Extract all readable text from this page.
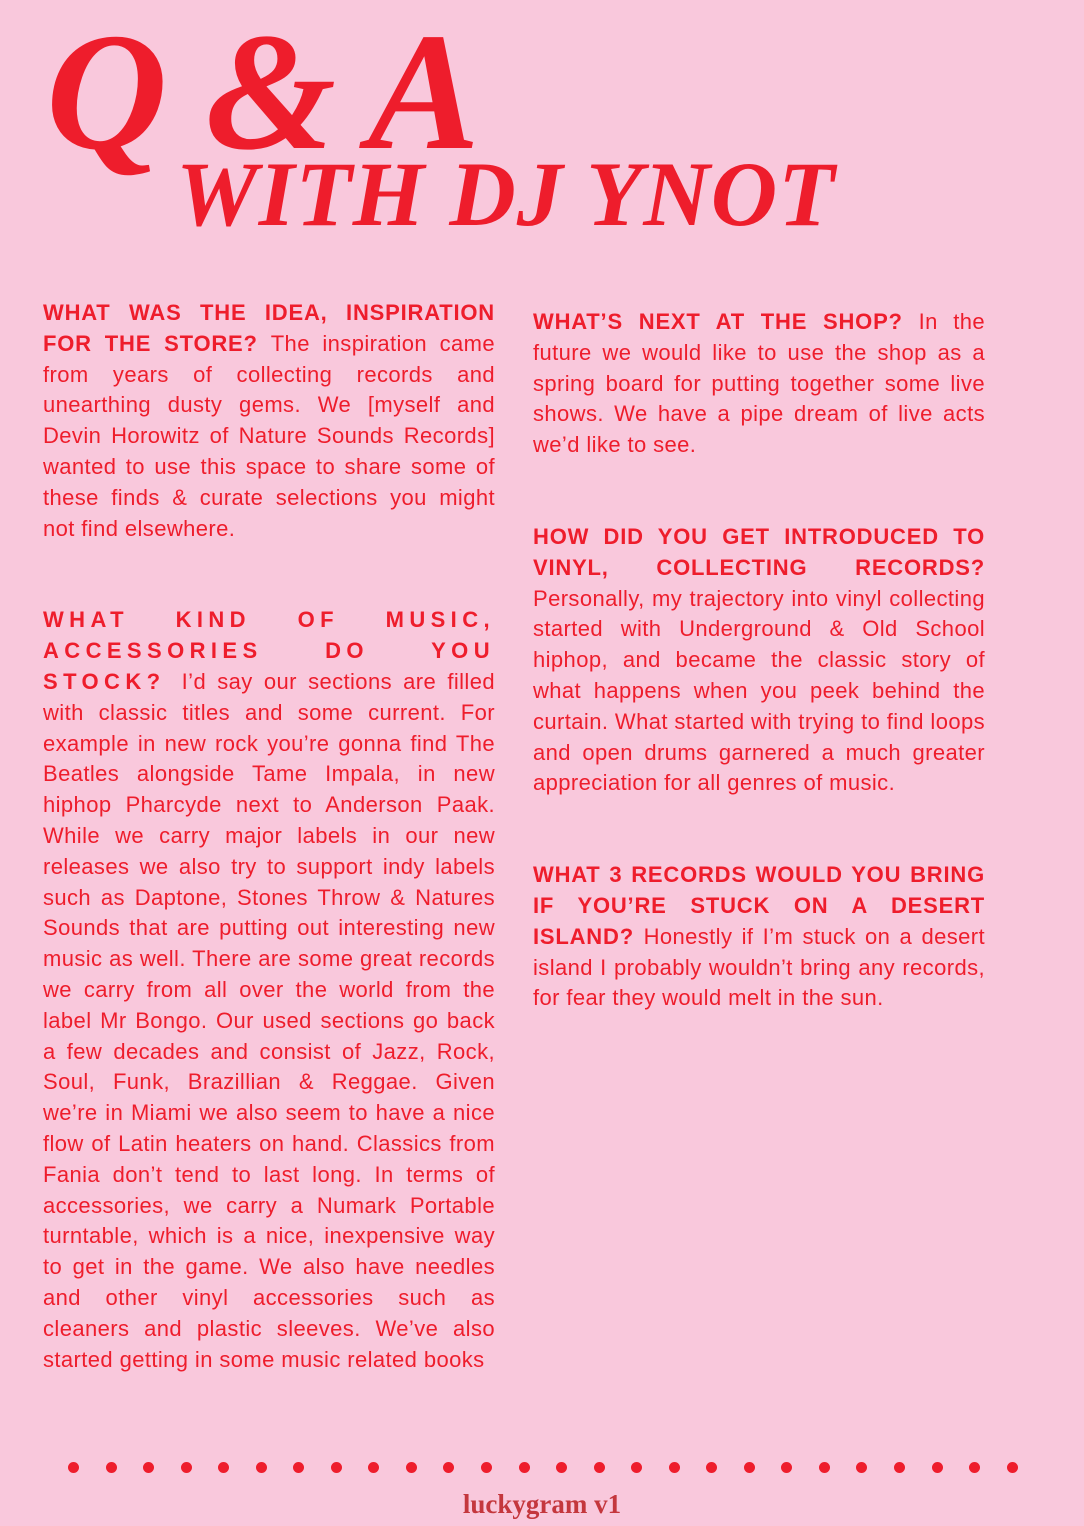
Q & A
WITH DJ YNOT

WHAT WAS THE IDEA, INSPIRATION FOR THE STORE? The inspiration came from years of collecting records and unearthing dusty gems. We [myself and Devin Horowitz of Nature Sounds Records] wanted to use this space to share some of these finds & curate selections you might not find elsewhere.

WHAT KIND OF MUSIC, ACCESSORIES DO YOU STOCK? I’d say our sections are filled with classic titles and some current. For example in new rock you’re gonna find The Beatles alongside Tame Impala, in new hiphop Pharcyde next to Anderson Paak. While we carry major labels in our new releases we also try to support indy labels such as Daptone, Stones Throw & Natures Sounds that are putting out interesting new music as well. There are some great records we carry from all over the world from the label Mr Bongo. Our used sections go back a few decades and consist of Jazz, Rock, Soul, Funk, Brazillian & Reggae. Given we’re in Miami we also seem to have a nice flow of Latin heaters on hand. Classics from Fania don’t tend to last long. In terms of accessories, we carry a Numark Portable turntable, which is a nice, inexpensive way to get in the game. We also have needles and other vinyl accessories such as cleaners and plastic sleeves. We’ve also started getting in some music related books

WHAT’S NEXT AT THE SHOP? In the future we would like to use the shop as a spring board for putting together some live shows. We have a pipe dream of live acts we’d like to see.

HOW DID YOU GET INTRODUCED TO VINYL, COLLECTING RECORDS? Personally, my trajectory into vinyl collecting started with Underground & Old School hiphop, and became the classic story of what happens when you peek behind the curtain. What started with trying to find loops and open drums garnered a much greater appreciation for all genres of music.

WHAT 3 RECORDS WOULD YOU BRING IF YOU’RE STUCK ON A DESERT ISLAND? Honestly if I’m stuck on a desert island I probably wouldn’t bring any records, for fear they would melt in the sun.

luckygram v1
